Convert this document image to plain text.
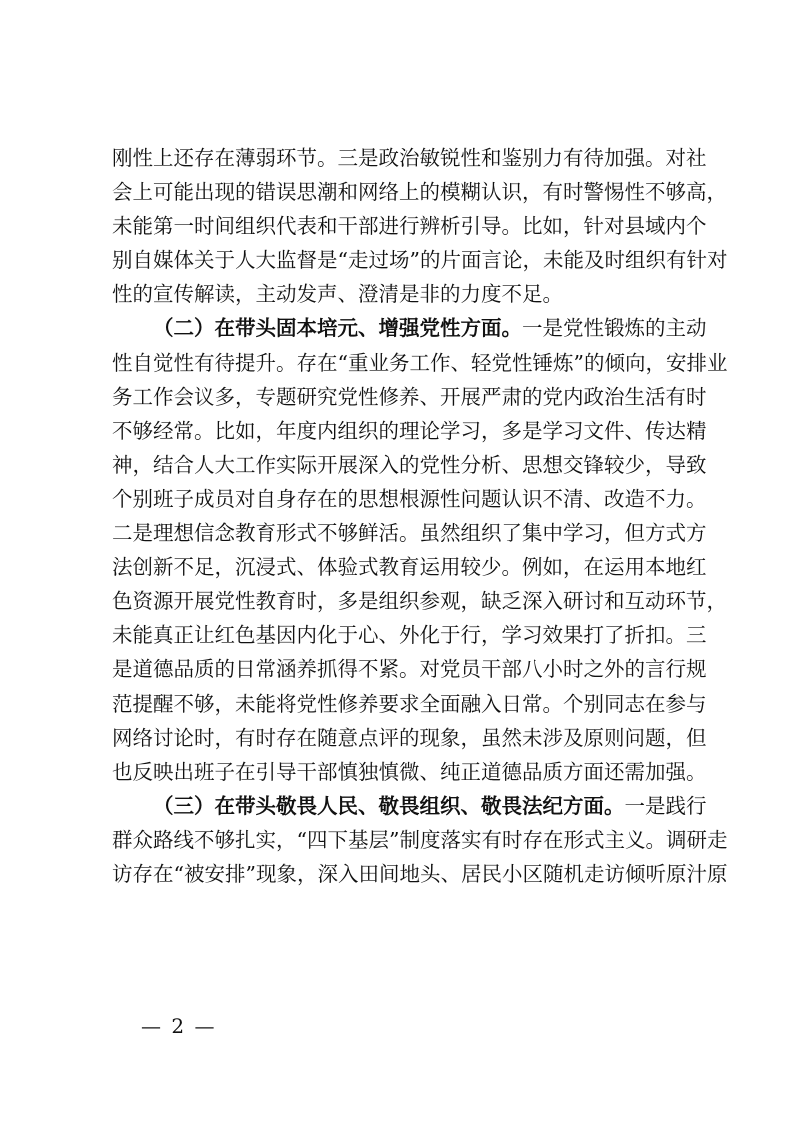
刚性上还存在薄弱环节。三是政治敏锐性和鉴别力有待加强。对社
会上可能出现的错误思潮和网络上的模糊认识，有时警惕性不够高，
未能第一时间组织代表和干部进行辨析引导。比如，针对县域内个
别自媒体关于人大监督是“走过场”的片面言论，未能及时组织有针对
性的宣传解读，主动发声、澄清是非的力度不足。
（二）在带头固本培元、增强党性方面。一是党性锻炼的主动
性自觉性有待提升。存在“重业务工作、轻党性锤炼”的倾向，安排业
务工作会议多，专题研究党性修养、开展严肃的党内政治生活有时
不够经常。比如，年度内组织的理论学习，多是学习文件、传达精
神，结合人大工作实际开展深入的党性分析、思想交锋较少，导致
个别班子成员对自身存在的思想根源性问题认识不清、改造不力。
二是理想信念教育形式不够鲜活。虽然组织了集中学习，但方式方
法创新不足，沉浸式、体验式教育运用较少。例如，在运用本地红
色资源开展党性教育时，多是组织参观，缺乏深入研讨和互动环节，
未能真正让红色基因内化于心、外化于行，学习效果打了折扣。三
是道德品质的日常涵养抓得不紧。对党员干部八小时之外的言行规
范提醒不够，未能将党性修养要求全面融入日常。个别同志在参与
网络讨论时，有时存在随意点评的现象，虽然未涉及原则问题，但
也反映出班子在引导干部慎独慎微、纯正道德品质方面还需加强。
（三）在带头敬畏人民、敬畏组织、敬畏法纪方面。一是践行
群众路线不够扎实，“四下基层”制度落实有时存在形式主义。调研走
访存在“被安排”现象，深入田间地头、居民小区随机走访倾听原汁原
— 2 —
